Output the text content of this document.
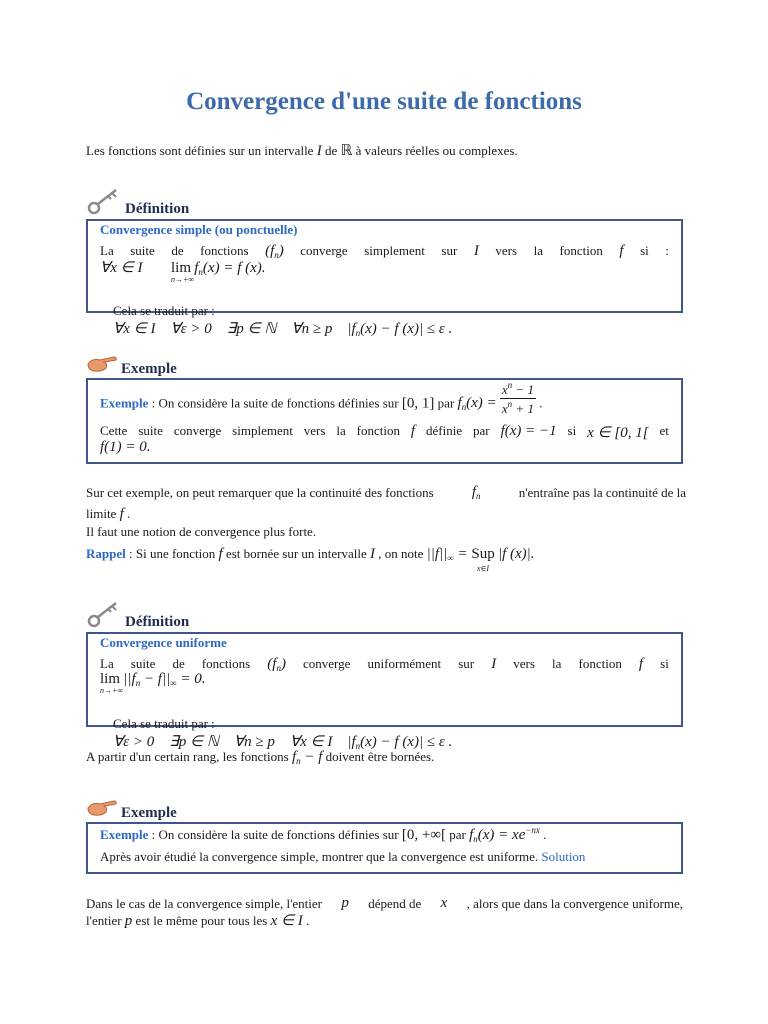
Convergence d'une suite de fonctions
Les fonctions sont définies sur un intervalle I de ℝ à valeurs réelles ou complexes.
Définition
Convergence simple (ou ponctuelle)
La suite de fonctions $(f_n)$ converge simplement sur I vers la fonction f si :
∀x ∈ I lim
n→+∞
$f_n(x) = f$ (x).

Cela se traduit par :
∀x ∈ I    ∀ε > 0    ∃p ∈ ℕ    ∀n ≥ p    $|f_n(x) - f$ (x)| ≤ ε .

Exemple
Exemple : On considère la suite de fonctions définies sur [0, 1] par $f_n(x) = \frac{x^n - 1}{x^n + 1}$ .
Cette suite converge simplement vers la fonction f définie par f(x) = −1 si x ∈ [0, 1[ et
f(1) = 0.
Sur cet exemple, on peut remarquer que la continuité des fonctions	$f_n$	n'entraîne pas la continuité de la
limite f .
Il faut une notion de convergence plus forte.
Rappel : Si une fonction f est bornée sur un intervalle I , on note $||f||_\infty$ = Sup
x∈I
|f (x)|.
Définition
Convergence uniforme
La suite de fonctions $(f_n)$ converge uniformément sur I vers la fonction f si
lim
n→+∞
$||f_n - f||_\infty = 0$.

Cela se traduit par :
∀ε > 0    ∃p ∈ ℕ    ∀n ≥ p    ∀x ∈ I    $|f_n(x) - f$ (x)| ≤ ε .

A partir d'un certain rang, les fonctions $f_n - f$ doivent être bornées.
Exemple
Exemple : On considère la suite de fonctions définies sur [0, +∞[ par $f_n(x) = xe^{-nx}$ .
Après avoir étudié la convergence simple, montrer que la convergence est uniforme. Solution
Dans le cas de la convergence simple, l'entier p dépend de x , alors que dans la convergence uniforme,
l'entier p est le même pour tous les x ∈ I .
